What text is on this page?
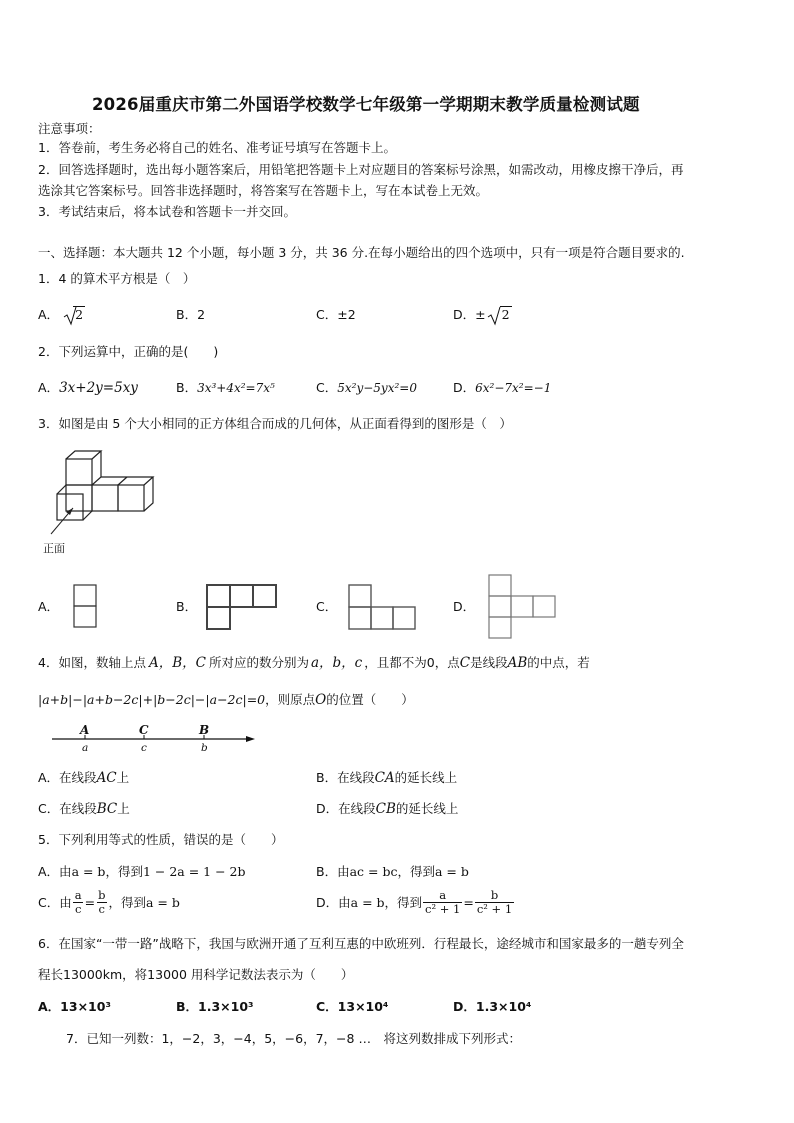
2026届重庆市第二外国语学校数学七年级第一学期期末教学质量检测试题
注意事项：
1．答卷前，考生务必将自己的姓名、准考证号填写在答题卡上。
2．回答选择题时，选出每小题答案后，用铅笔把答题卡上对应题目的答案标号涂黑，如需改动，用橡皮擦干净后，再
选涂其它答案标号。回答非选择题时，将答案写在答题卡上，写在本试卷上无效。
3．考试结束后，将本试卷和答题卡一并交回。
一、选择题：本大题共 12 个小题，每小题 3 分，共 36 分.在每小题给出的四个选项中，只有一项是符合题目要求的.
1．4 的算术平方根是（　）
A． 2	B．2	C．±2	D．± 2
2．下列运算中，正确的是(　　)
A．3x+2y=5xy	B．3x³+4x²=7x⁵	C．5x²y−5yx²=0	D．6x²−7x²=−1
3．如图是由 5 个大小相同的正方体组合而成的几何体，从正面看得到的图形是（　）
正面
A．	B．	C．	D．
4．如图，数轴上点 A，B，C 所对应的数分别为 a，b，c ，且都不为0，点C是线段AB的中点，若
|a+b|−|a+b−2c|+|b−2c|−|a−2c|=0，则原点O的位置（　　）
A	C	B
a	c	b
A．在线段AC上	B．在线段CA的延长线上
C．在线段BC上	D．在线段CB的延长线上
5．下列利用等式的性质，错误的是（　　）
A．由a = b，得到1 − 2a = 1 − 2b	B．由ac = bc，得到a = b
C．由 $\frac{a}{c} = \frac{b}{c}$ ，得到 a = b	D．由 a = b ，得到 $\frac{a}{\text{c² + 1}} = \frac{b}{\text{c² + 1}}$
6．在国家“一带一路”战略下，我国与欧洲开通了互利互惠的中欧班列．行程最长，途经城市和国家最多的一趟专列全
程长13000km，将13000 用科学记数法表示为（　　）
A．13×10³	B．1.3×10³	C．13×10⁴	D．1.3×10⁴
7．已知一列数：1，−2，3，−4，5，−6，7，−8 …　将这列数排成下列形式：
